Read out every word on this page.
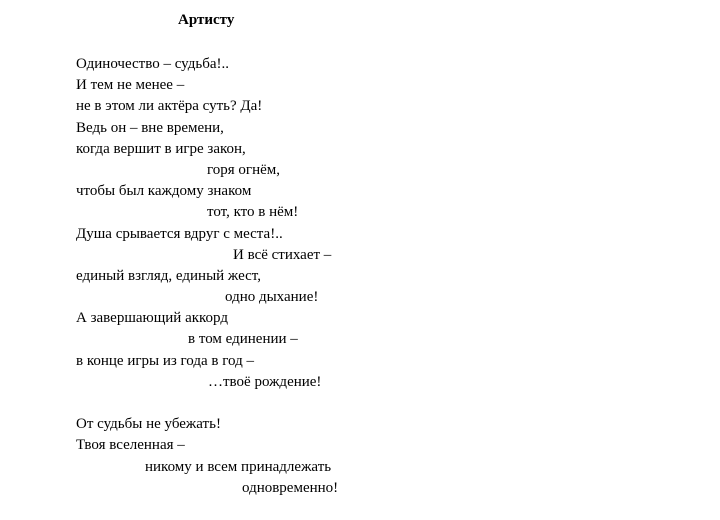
Артисту
Одиночество – судьба!..
И тем не менее –
не в этом ли актёра суть? Да!
Ведь он – вне времени,
когда вершит в игре закон,
горя огнём,
чтобы был каждому знаком
тот, кто в нём!
Душа срывается вдруг с места!..
И всё стихает –
единый взгляд, единый жест,
одно дыхание!
А завершающий аккорд
в том единении –
в конце игры из года в год –
…твоё рождение!
От судьбы не убежать!
Твоя вселенная –
никому и всем принадлежать
одновременно!
